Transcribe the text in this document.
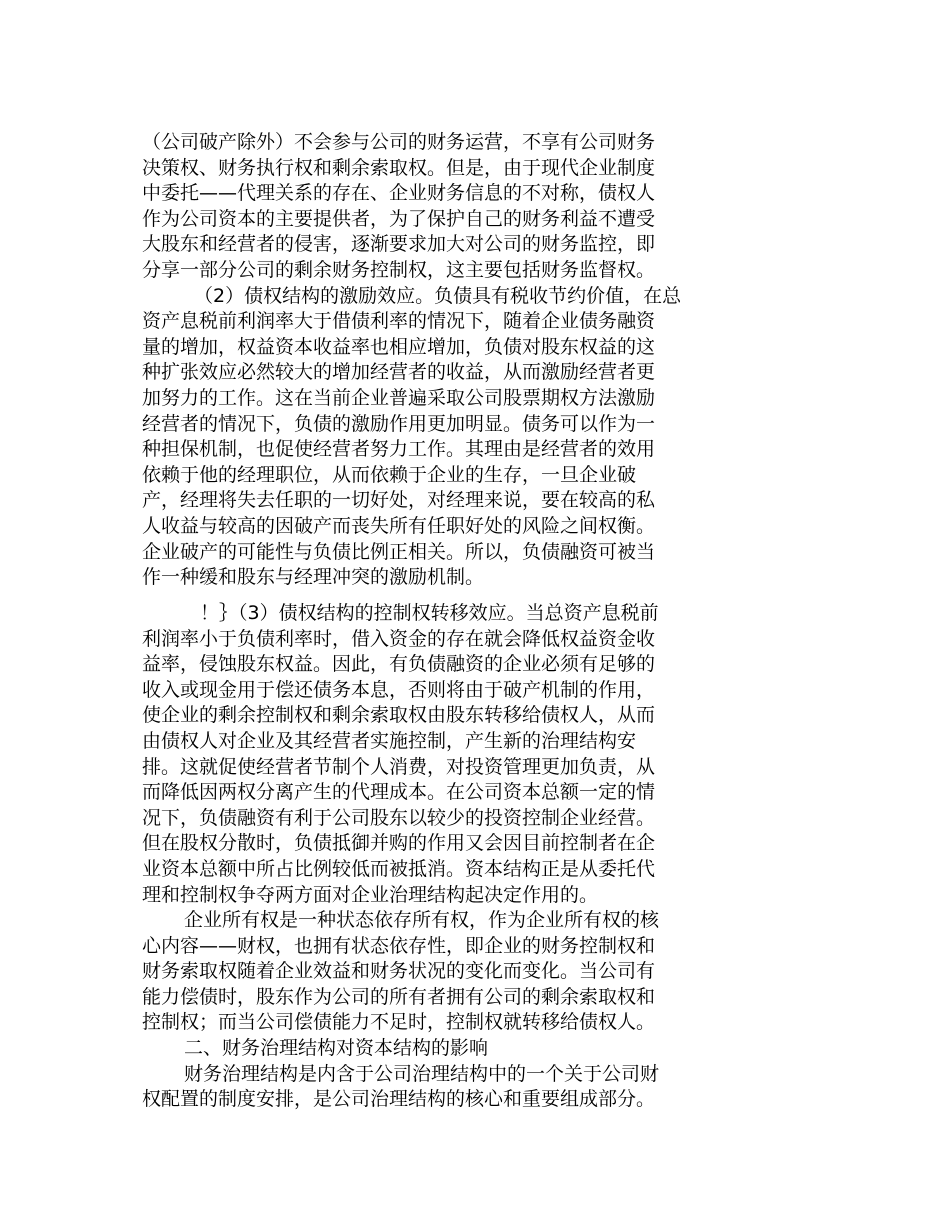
（公司破产除外）不会参与公司的财务运营，不享有公司财务
决策权、财务执行权和剩余索取权。但是，由于现代企业制度
中委托——代理关系的存在、企业财务信息的不对称，债权人
作为公司资本的主要提供者，为了保护自己的财务利益不遭受
大股东和经营者的侵害，逐渐要求加大对公司的财务监控，即
分享一部分公司的剩余财务控制权，这主要包括财务监督权。
（2）债权结构的激励效应。负债具有税收节约价值，在总
资产息税前利润率大于借债利率的情况下，随着企业债务融资
量的增加，权益资本收益率也相应增加，负债对股东权益的这
种扩张效应必然较大的增加经营者的收益，从而激励经营者更
加努力的工作。这在当前企业普遍采取公司股票期权方法激励
经营者的情况下，负债的激励作用更加明显。债务可以作为一
种担保机制，也促使经营者努力工作。其理由是经营者的效用
依赖于他的经理职位，从而依赖于企业的生存，一旦企业破
产，经理将失去任职的一切好处，对经理来说，要在较高的私
人收益与较高的因破产而丧失所有任职好处的风险之间权衡。
企业破产的可能性与负债比例正相关。所以，负债融资可被当
作一种缓和股东与经理冲突的激励机制。
！｝（3）债权结构的控制权转移效应。当总资产息税前
利润率小于负债利率时，借入资金的存在就会降低权益资金收
益率，侵蚀股东权益。因此，有负债融资的企业必须有足够的
收入或现金用于偿还债务本息，否则将由于破产机制的作用，
使企业的剩余控制权和剩余索取权由股东转移给债权人，从而
由债权人对企业及其经营者实施控制，产生新的治理结构安
排。这就促使经营者节制个人消费，对投资管理更加负责，从
而降低因两权分离产生的代理成本。在公司资本总额一定的情
况下，负债融资有利于公司股东以较少的投资控制企业经营。
但在股权分散时，负债抵御并购的作用又会因目前控制者在企
业资本总额中所占比例较低而被抵消。资本结构正是从委托代
理和控制权争夺两方面对企业治理结构起决定作用的。
企业所有权是一种状态依存所有权，作为企业所有权的核
心内容——财权，也拥有状态依存性，即企业的财务控制权和
财务索取权随着企业效益和财务状况的变化而变化。当公司有
能力偿债时，股东作为公司的所有者拥有公司的剩余索取权和
控制权；而当公司偿债能力不足时，控制权就转移给债权人。
二、财务治理结构对资本结构的影响
财务治理结构是内含于公司治理结构中的一个关于公司财
权配置的制度安排，是公司治理结构的核心和重要组成部分。
